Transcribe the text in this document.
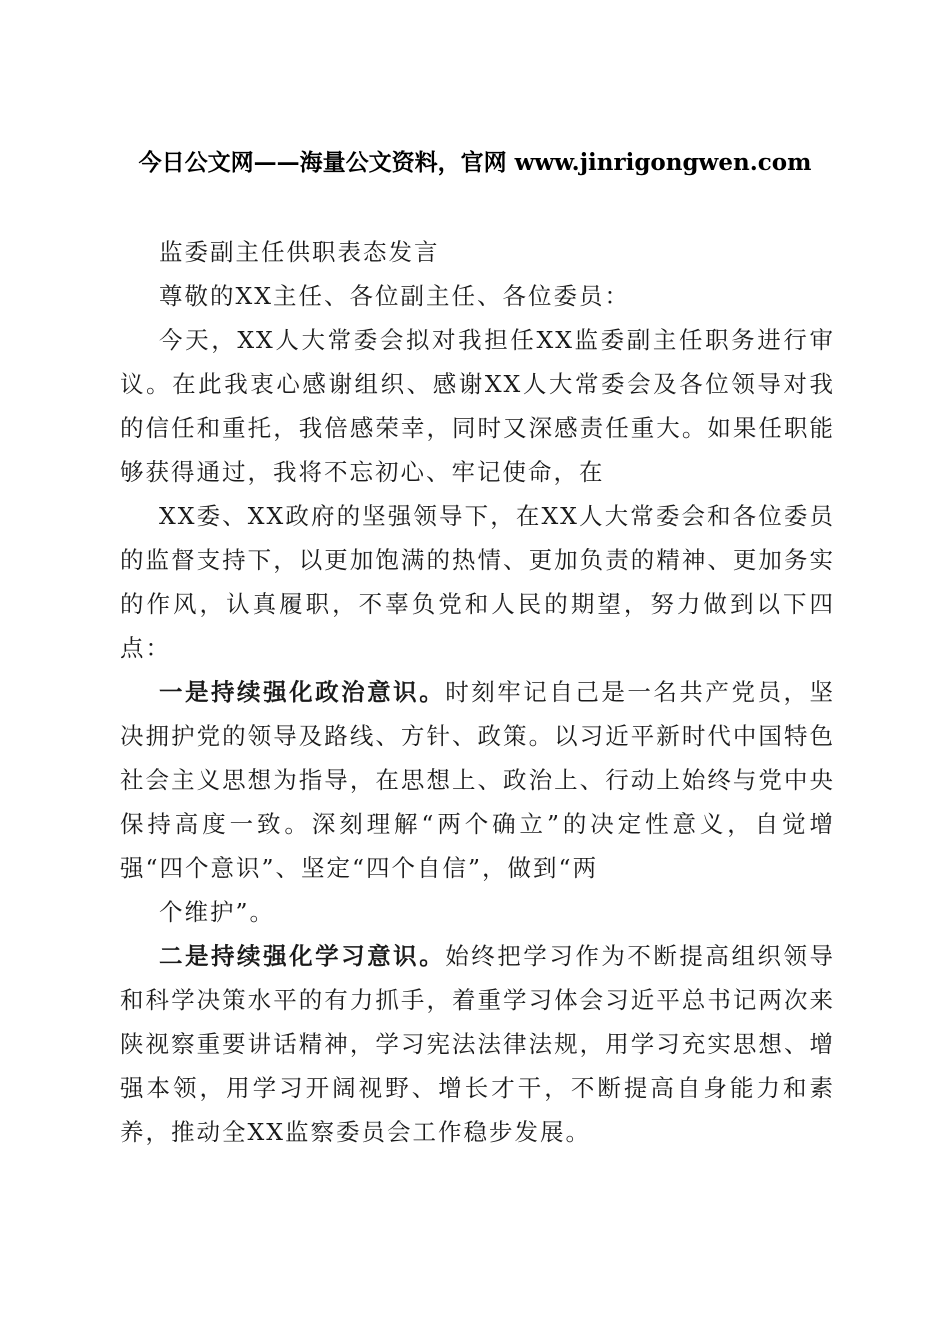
今日公文网——海量公文资料，官网 www.jinrigongwen.com

监委副主任供职表态发言

尊敬的XX主任、各位副主任、各位委员：

今天，XX人大常委会拟对我担任XX监委副主任职务进行审议。在此我衷心感谢组织、感谢XX人大常委会及各位领导对我的信任和重托，我倍感荣幸，同时又深感责任重大。如果任职能够获得通过，我将不忘初心、牢记使命，在

XX委、XX政府的坚强领导下，在XX人大常委会和各位委员的监督支持下，以更加饱满的热情、更加负责的精神、更加务实的作风，认真履职，不辜负党和人民的期望，努力做到以下四点：

一是持续强化政治意识。时刻牢记自己是一名共产党员，坚决拥护党的领导及路线、方针、政策。以习近平新时代中国特色社会主义思想为指导，在思想上、政治上、行动上始终与党中央保持高度一致。深刻理解“两个确立”的决定性意义，自觉增强“四个意识”、坚定“四个自信”，做到“两

个维护”。

二是持续强化学习意识。始终把学习作为不断提高组织领导和科学决策水平的有力抓手，着重学习体会习近平总书记两次来陕视察重要讲话精神，学习宪法法律法规，用学习充实思想、增强本领，用学习开阔视野、增长才干，不断提高自身能力和素养，推动全XX监察委员会工作稳步发展。
